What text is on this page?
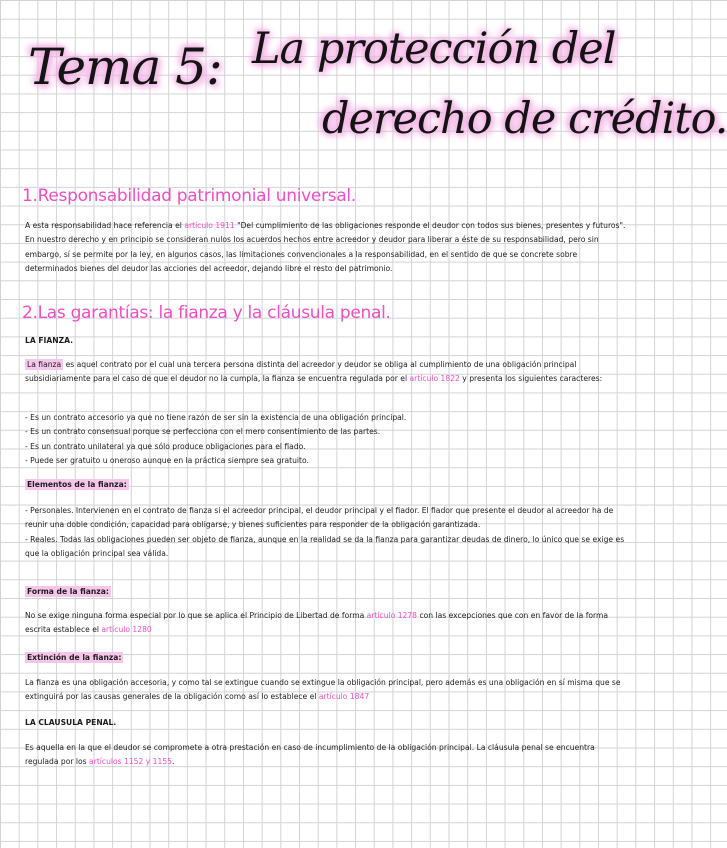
Tema 5: La protección del
derecho de crédito.
1.Responsabilidad patrimonial universal.

A esta responsabilidad hace referencia el artículo 1911 "Del cumplimiento de las obligaciones responde el deudor con todos sus bienes, presentes y futuros".
En nuestro derecho y en principio se consideran nulos los acuerdos hechos entre acreedor y deudor para liberar a éste de su responsabilidad, pero sin embargo, sí se permite por la ley, en algunos casos, las limitaciones convencionales a la responsabilidad, en el sentido de que se concrete sobre determinados bienes del deudor las acciones del acreedor, dejando libre el resto del patrimonio.

2.Las garantías: la fianza y la cláusula penal.
LA FIANZA.

La fianza es aquel contrato por el cual una tercera persona distinta del acreedor y deudor se obliga al cumplimiento de una obligación principal subsidiariamente para el caso de que el deudor no la cumpla, la fianza se encuentra regulada por el artículo 1822 y presenta los siguientes caracteres:

- Es un contrato accesorio ya que no tiene razón de ser sin la existencia de una obligación principal.
- Es un contrato consensual porque se perfecciona con el mero consentimiento de las partes.
- Es un contrato unilateral ya que sólo produce obligaciones para el fiado.
- Puede ser gratuito u oneroso aunque en la práctica siempre sea gratuito.

Elementos de la fianza:

- Personales. Intervienen en el contrato de fianza si el acreedor principal, el deudor principal y el fiador. El fiador que presente el deudor al acreedor ha de reunir una doble condición, capacidad para obligarse, y bienes suficientes para responder de la obligación garantizada.
- Reales. Todas las obligaciones pueden ser objeto de fianza, aunque en la realidad se da la fianza para garantizar deudas de dinero, lo único que se exige es que la obligación principal sea válida.

Forma de la fianza:

No se exige ninguna forma especial por lo que se aplica el Principio de Libertad de forma artículo 1278 con las excepciones que con en favor de la forma escrita establece el artículo 1280

Extinción de la fianza:

La fianza es una obligación accesoria, y como tal se extingue cuando se extingue la obligación principal, pero además es una obligación en sí misma que se extinguirá por las causas generales de la obligación como así lo establece el artículo 1847

LA CLAUSULA PENAL.

Es aquella en la que el deudor se compromete a otra prestación en caso de incumplimiento de la obligación principal. La cláusula penal se encuentra regulada por los artículos 1152 y 1155.
